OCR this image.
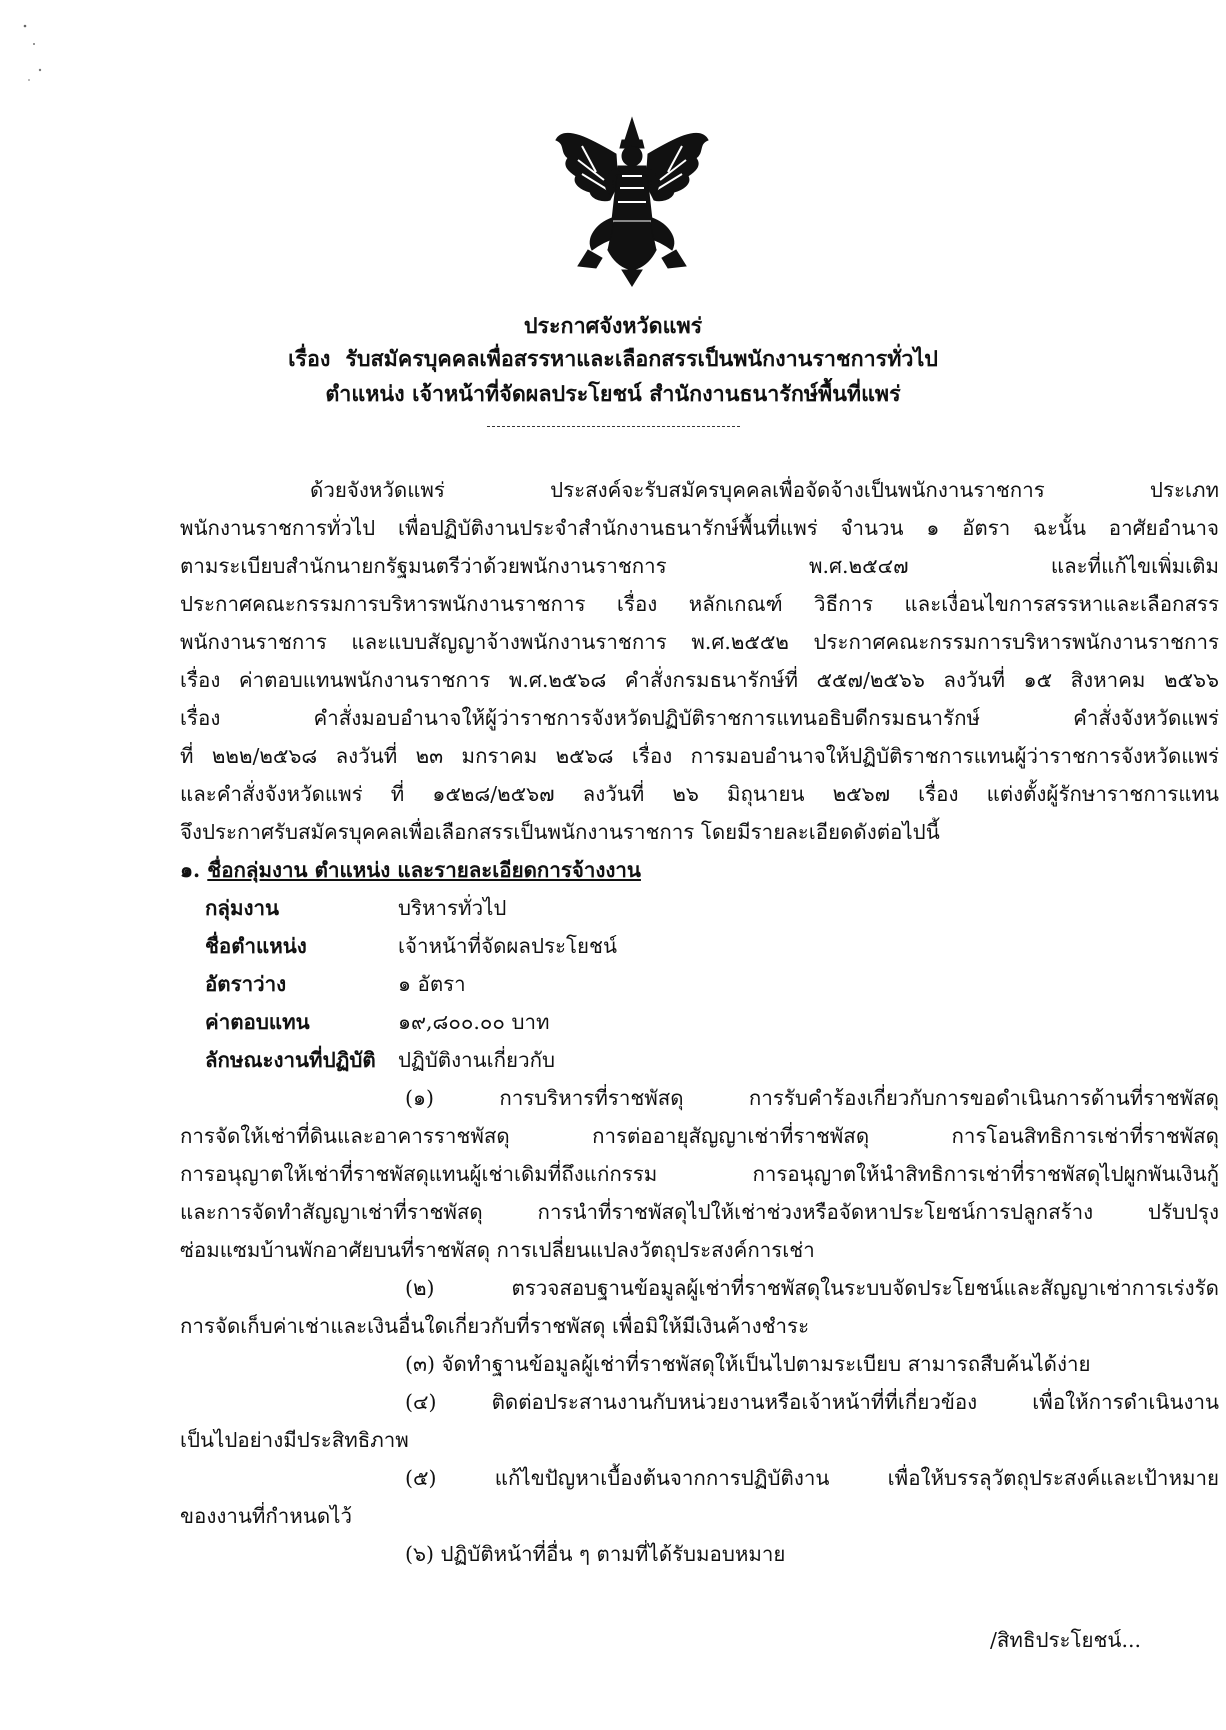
ประกาศจังหวัดแพร่
เรื่อง รับสมัครบุคคลเพื่อสรรหาและเลือกสรรเป็นพนักงานราชการทั่วไป
ตำแหน่ง เจ้าหน้าที่จัดผลประโยชน์ สำนักงานธนารักษ์พื้นที่แพร่
ด้วยจังหวัดแพร่ ประสงค์จะรับสมัครบุคคลเพื่อจัดจ้างเป็นพนักงานราชการ ประเภท
พนักงานราชการทั่วไป เพื่อปฏิบัติงานประจำสำนักงานธนารักษ์พื้นที่แพร่ จำนวน ๑ อัตรา ฉะนั้น อาศัยอำนาจ
ตามระเบียบสำนักนายกรัฐมนตรีว่าด้วยพนักงานราชการ พ.ศ.๒๕๔๗ และที่แก้ไขเพิ่มเติม
ประกาศคณะกรรมการบริหารพนักงานราชการ เรื่อง หลักเกณฑ์ วิธีการ และเงื่อนไขการสรรหาและเลือกสรร
พนักงานราชการ และแบบสัญญาจ้างพนักงานราชการ พ.ศ.๒๕๕๒ ประกาศคณะกรรมการบริหารพนักงานราชการ
เรื่อง ค่าตอบแทนพนักงานราชการ พ.ศ.๒๕๖๘ คำสั่งกรมธนารักษ์ที่ ๕๕๗/๒๕๖๖ ลงวันที่ ๑๕ สิงหาคม ๒๕๖๖
เรื่อง คำสั่งมอบอำนาจให้ผู้ว่าราชการจังหวัดปฏิบัติราชการแทนอธิบดีกรมธนารักษ์ คำสั่งจังหวัดแพร่
ที่ ๒๒๒/๒๕๖๘ ลงวันที่ ๒๓ มกราคม ๒๕๖๘ เรื่อง การมอบอำนาจให้ปฏิบัติราชการแทนผู้ว่าราชการจังหวัดแพร่
และคำสั่งจังหวัดแพร่ ที่ ๑๕๒๘/๒๕๖๗ ลงวันที่ ๒๖ มิถุนายน ๒๕๖๗ เรื่อง แต่งตั้งผู้รักษาราชการแทน
จึงประกาศรับสมัครบุคคลเพื่อเลือกสรรเป็นพนักงานราชการ โดยมีรายละเอียดดังต่อไปนี้
๑. ชื่อกลุ่มงาน ตำแหน่ง และรายละเอียดการจ้างงาน
กลุ่มงาน	บริหารทั่วไป
ชื่อตำแหน่ง	เจ้าหน้าที่จัดผลประโยชน์
อัตราว่าง	๑ อัตรา
ค่าตอบแทน	๑๙,๘๐๐.๐๐ บาท
ลักษณะงานที่ปฏิบัติ ปฏิบัติงานเกี่ยวกับ
(๑) การบริหารที่ราชพัสดุ การรับคำร้องเกี่ยวกับการขอดำเนินการด้านที่ราชพัสดุ
การจัดให้เช่าที่ดินและอาคารราชพัสดุ การต่ออายุสัญญาเช่าที่ราชพัสดุ การโอนสิทธิการเช่าที่ราชพัสดุ
การอนุญาตให้เช่าที่ราชพัสดุแทนผู้เช่าเดิมที่ถึงแก่กรรม การอนุญาตให้นำสิทธิการเช่าที่ราชพัสดุไปผูกพันเงินกู้
และการจัดทำสัญญาเช่าที่ราชพัสดุ การนำที่ราชพัสดุไปให้เช่าช่วงหรือจัดหาประโยชน์การปลูกสร้าง ปรับปรุง
ซ่อมแซมบ้านพักอาศัยบนที่ราชพัสดุ การเปลี่ยนแปลงวัตถุประสงค์การเช่า
(๒) ตรวจสอบฐานข้อมูลผู้เช่าที่ราชพัสดุในระบบจัดประโยชน์และสัญญาเช่าการเร่งรัด
การจัดเก็บค่าเช่าและเงินอื่นใดเกี่ยวกับที่ราชพัสดุ เพื่อมิให้มีเงินค้างชำระ
(๓) จัดทำฐานข้อมูลผู้เช่าที่ราชพัสดุให้เป็นไปตามระเบียบ สามารถสืบค้นได้ง่าย
(๔) ติดต่อประสานงานกับหน่วยงานหรือเจ้าหน้าที่ที่เกี่ยวข้อง เพื่อให้การดำเนินงาน
เป็นไปอย่างมีประสิทธิภาพ
(๕) แก้ไขปัญหาเบื้องต้นจากการปฏิบัติงาน เพื่อให้บรรลุวัตถุประสงค์และเป้าหมาย
ของงานที่กำหนดไว้
(๖) ปฏิบัติหน้าที่อื่น ๆ ตามที่ได้รับมอบหมาย
/สิทธิประโยชน์...
